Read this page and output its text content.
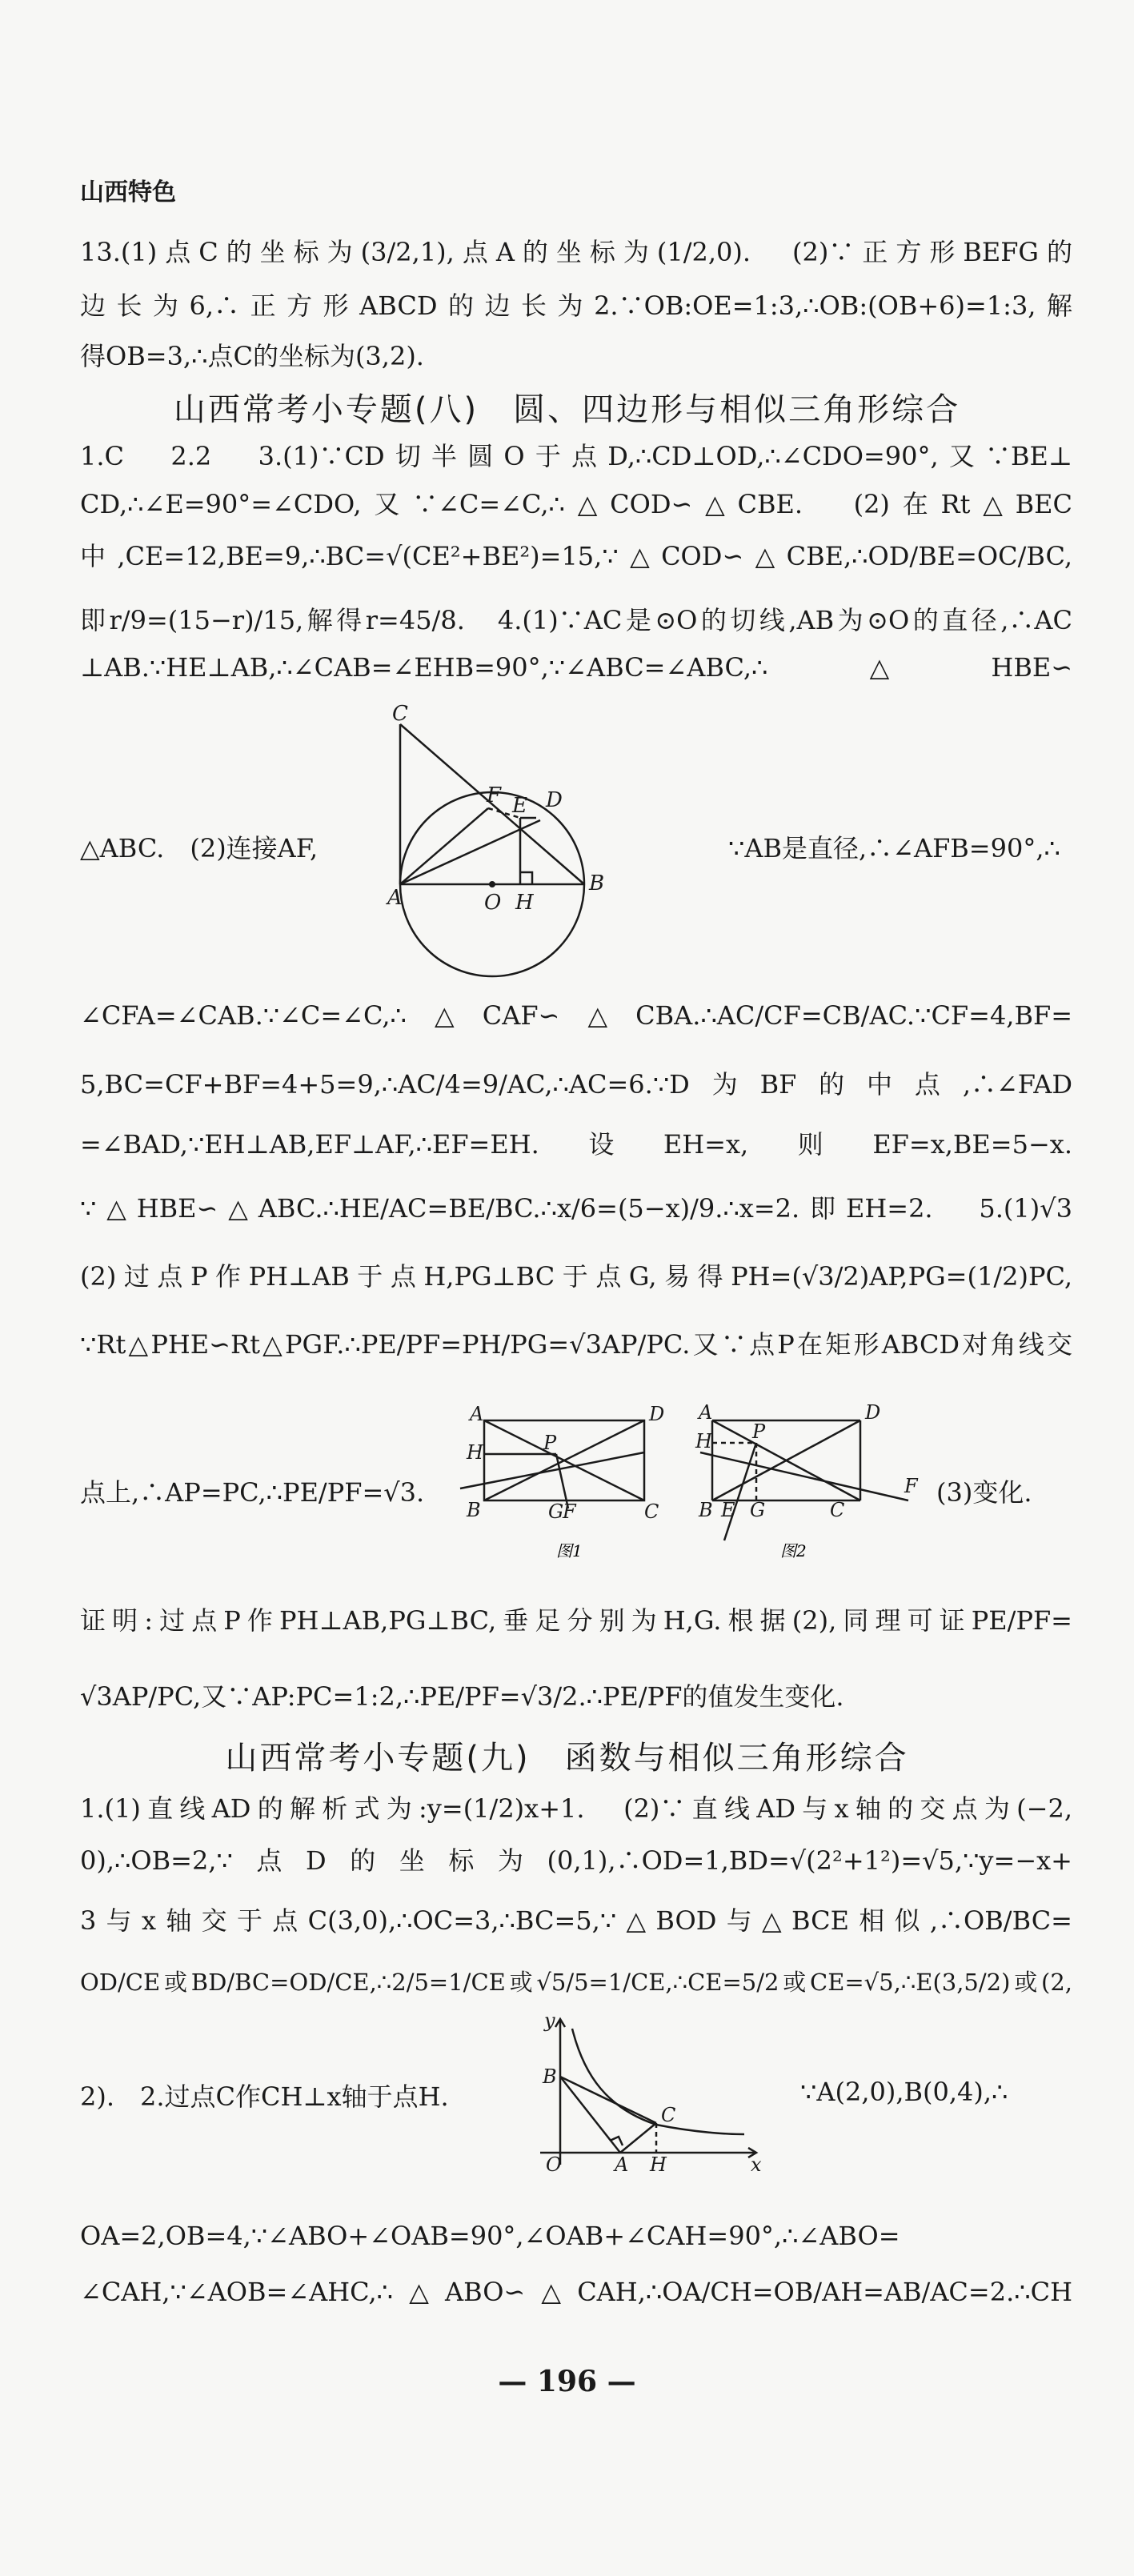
山西特色
13.(1)点C的坐标为(3/2,1),点A的坐标为(1/2,0).　(2)∵正方形BEFG的
边长为6,∴正方形ABCD的边长为2.∵OB:OE=1:3,∴OB:(OB+6)=1:3,解
得OB=3,∴点C的坐标为(3,2).
山西常考小专题(八)　圆、四边形与相似三角形综合
1.C　2.2　3.(1)∵CD切半圆O于点D,∴CD⊥OD,∴∠CDO=90°,又∵BE⊥
CD,∴∠E=90°=∠CDO,又∵∠C=∠C,∴△COD∽△CBE.　(2)在Rt△BEC
中,CE=12,BE=9,∴BC=√(CE²+BE²)=15,∵△COD∽△CBE,∴OD/BE=OC/BC,
即r/9=(15−r)/15,解得r=45/8.　4.(1)∵AC是⊙O的切线,AB为⊙O的直径,∴AC
⊥AB.∵HE⊥AB,∴∠CAB=∠EHB=90°,∵∠ABC=∠ABC,∴△HBE∽
△ABC.　(2)连接AF,
C
F E D
A	O H
B
∵AB是直径,∴∠AFB=90°,∴
∠CFA=∠CAB.∵∠C=∠C,∴△CAF∽△CBA.∴AC/CF=CB/AC.∵CF=4,BF=
5,BC=CF+BF=4+5=9,∴AC/4=9/AC,∴AC=6.∵D为BF的中点,∴∠FAD
=∠BAD,∵EH⊥AB,EF⊥AF,∴EF=EH.设EH=x,则EF=x,BE=5−x.
∵△HBE∽△ABC.∴HE/AC=BE/BC.∴x/6=(5−x)/9.∴x=2.即EH=2.　5.(1)√3
(2)过点P作PH⊥AB于点H,PG⊥BC于点G,易得PH=(√3/2)AP,PG=(1/2)PC,
∵Rt△PHE∽Rt△PGF.∴PE/PF=PH/PG=√3AP/PC.又∵点P在矩形ABCD对角线交
点上,∴AP=PC,∴PE/PF=√3.
A	D
H	P
B	G
F	C
A	D
H P
B E G	C
F
图1	图2
(3)变化.
证明:过点P作PH⊥AB,PG⊥BC,垂足分别为H,G.根据(2),同理可证PE/PF=
√3AP/PC,又∵AP:PC=1:2,∴PE/PF=√3/2.∴PE/PF的值发生变化.
山西常考小专题(九)　函数与相似三角形综合
1.(1)直线AD的解析式为:y=(1/2)x+1.　(2)∵直线AD与x轴的交点为(−2,
0),∴OB=2,∵点D的坐标为(0,1),∴OD=1,BD=√(2²+1²)=√5,∵y=−x+
3与x轴交于点C(3,0),∴OC=3,∴BC=5,∵△BOD与△BCE相似,∴OB/BC=
OD/CE或BD/BC=OD/CE,∴2/5=1/CE或√5/5=1/CE,∴CE=5/2或CE=√5,∴E(3,5/2)或(2,
2).　2.过点C作CH⊥x轴于点H.
y
B
C
O	A H	x
∵A(2,0),B(0,4),∴
OA=2,OB=4,∵∠ABO+∠OAB=90°,∠OAB+∠CAH=90°,∴∠ABO=
∠CAH,∵∠AOB=∠AHC,∴△ABO∽△CAH,∴OA/CH=OB/AH=AB/AC=2.∴CH
— 196 —
